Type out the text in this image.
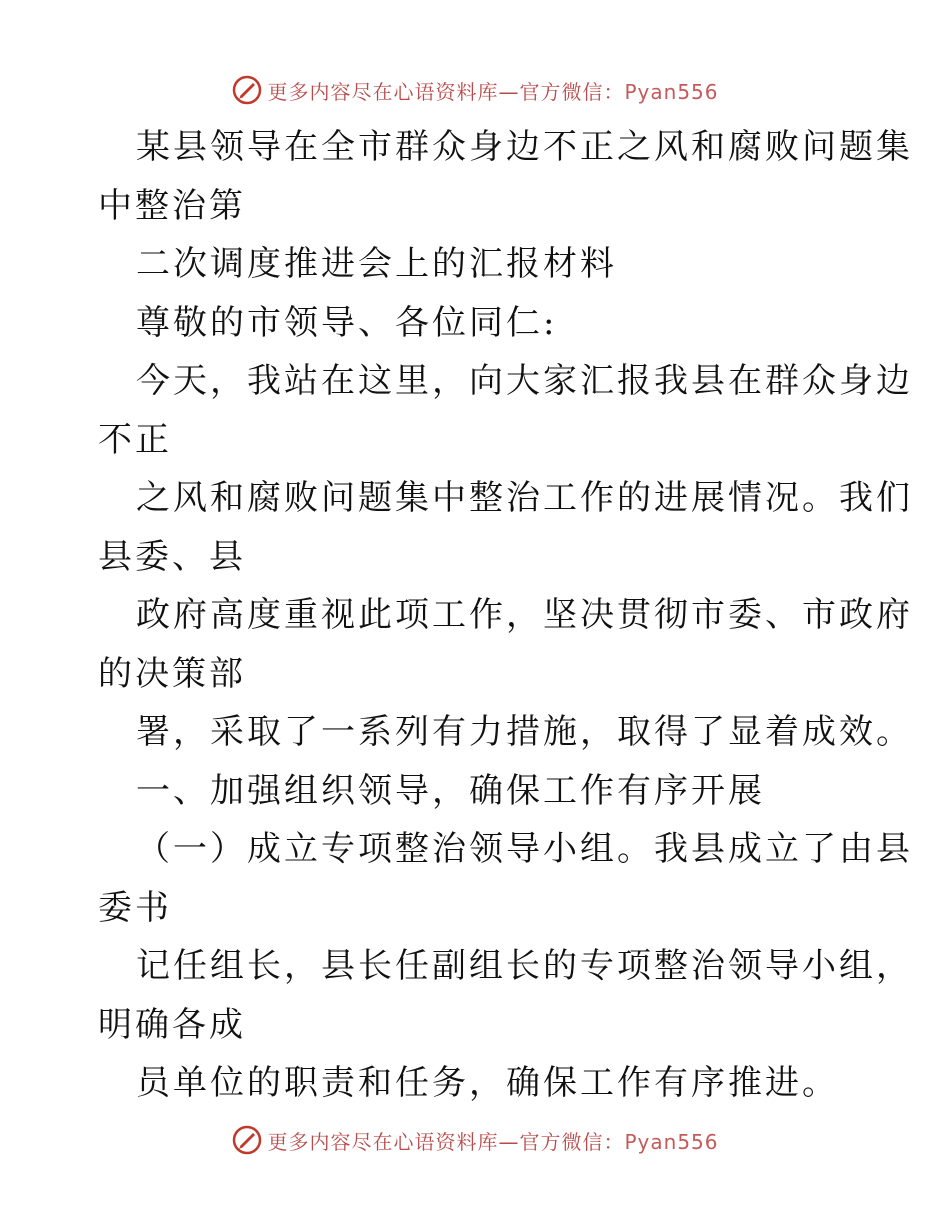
更多内容尽在心语资料库—官方微信：Pyan556
某县领导在全市群众身边不正之风和腐败问题集
中整治第
二次调度推进会上的汇报材料
尊敬的市领导、各位同仁:
今天，我站在这里，向大家汇报我县在群众身边
不正
之风和腐败问题集中整治工作的进展情况。我们
县委、县
政府高度重视此项工作，坚决贯彻市委、市政府
的决策部
署，采取了一系列有力措施，取得了显着成效。
一、加强组织领导，确保工作有序开展
（一）成立专项整治领导小组。我县成立了由县
委书
记任组长，县长任副组长的专项整治领导小组，
明确各成
员单位的职责和任务，确保工作有序推进。
更多内容尽在心语资料库—官方微信：Pyan556
